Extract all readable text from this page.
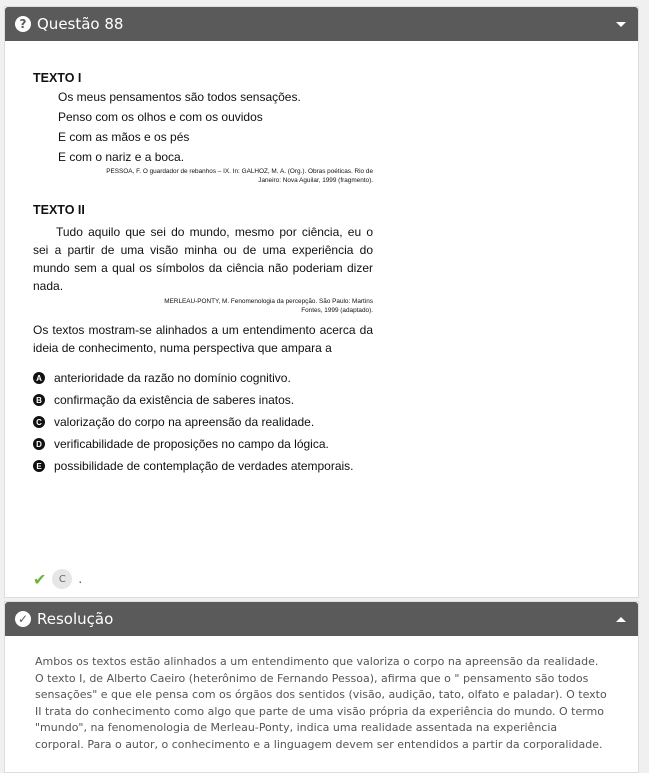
? Questão 88
TEXTO I
Os meus pensamentos são todos sensações.
Penso com os olhos e com os ouvidos
E com as mãos e os pés
E com o nariz e a boca.
PESSOA, F. O guardador de rebanhos – IX. In: GALHOZ, M. A. (Org.). Obras poéticas. Rio de Janeiro: Nova Aguilar, 1999 (fragmento).
TEXTO II
Tudo aquilo que sei do mundo, mesmo por ciência, eu o sei a partir de uma visão minha ou de uma experiência do mundo sem a qual os símbolos da ciência não poderiam dizer nada.
MERLEAU-PONTY, M. Fenomenologia da percepção. São Paulo: Martins Fontes, 1999 (adaptado).
Os textos mostram-se alinhados a um entendimento acerca da ideia de conhecimento, numa perspectiva que ampara a
A anterioridade da razão no domínio cognitivo.
B confirmação da existência de saberes inatos.
C valorização do corpo na apreensão da realidade.
D verificabilidade de proposições no campo da lógica.
E possibilidade de contemplação de verdades atemporais.
✔	C	.
✓ Resolução
Ambos os textos estão alinhados a um entendimento que valoriza o corpo na apreensão da realidade. O texto I, de Alberto Caeiro (heterônimo de Fernando Pessoa), afirma que o " pensamento são todos sensações" e que ele pensa com os órgãos dos sentidos (visão, audição, tato, olfato e paladar). O texto II trata do conhecimento como algo que parte de uma visão própria da experiência do mundo. O termo "mundo", na fenomenologia de Merleau-Ponty, indica uma realidade assentada na experiência corporal. Para o autor, o conhecimento e a linguagem devem ser entendidos a partir da corporalidade.
